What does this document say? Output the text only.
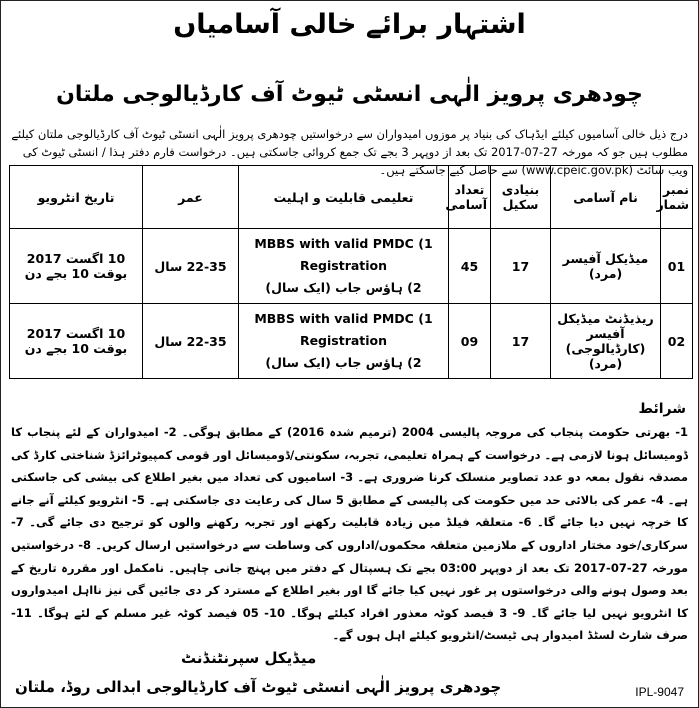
اشتہار برائے خالی آسامیاں
چودھری پرویز الٰہی انسٹی ٹیوٹ آف کارڈیالوجی ملتان
درج ذیل خالی آسامیوں کیلئے ایڈہاک کی بنیاد پر موزوں امیدواران سے درخواستیں چودھری پرویز الٰہی انسٹی ٹیوٹ آف کارڈیالوجی ملتان کیلئے مطلوب ہیں جو کہ مورخہ 27-07-2017 تک بعد از دوپہر 3 بجے تک جمع کروائی جاسکتی ہیں۔ درخواست فارم دفتر ہذا / انسٹی ٹیوٹ کی ویب سائٹ (www.cpeic.gov.pk) سے حاصل کیے جاسکتے ہیں۔
نمبر شمار	نام آسامی	بنیادی سکیل	تعداد آسامی	تعلیمی قابلیت و اہلیت	عمر	تاریخ انٹرویو
01	میڈیکل آفیسر (مرد)	17	45	1) MBBS with valid PMDC Registration
2) ہاؤس جاب (ایک سال)	22-35 سال	10 اگست 2017 بوقت 10 بجے دن
02	ریذیڈنٹ میڈیکل آفیسر (کارڈیالوجی) (مرد)	17	09	1) MBBS with valid PMDC Registration
2) ہاؤس جاب (ایک سال)	22-35 سال	10 اگست 2017 بوقت 10 بجے دن
شرائط
1- بھرتی حکومت پنجاب کی مروجہ پالیسی 2004 (ترمیم شدہ 2016) کے مطابق ہوگی۔ 2- امیدواران کے لئے پنجاب کا ڈومیسائل ہونا لازمی ہے۔ درخواست کے ہمراہ تعلیمی، تجربہ، سکونتی/ڈومیسائل اور قومی کمپیوٹرائزڈ شناختی کارڈ کی مصدقہ نقول بمعہ دو عدد تصاویر منسلک کرنا ضروری ہے۔ 3- اسامیوں کی تعداد میں بغیر اطلاع کی بیشی کی جاسکتی ہے۔ 4- عمر کی بالائی حد میں حکومت کی پالیسی کے مطابق 5 سال کی رعایت دی جاسکتی ہے۔ 5- انٹرویو کیلئے آنے جانے کا خرچہ نہیں دیا جائے گا۔ 6- متعلقہ فیلڈ میں زیادہ قابلیت رکھنے اور تجربہ رکھنے والوں کو ترجیح دی جائے گی۔ 7- سرکاری/خود مختار اداروں کے ملازمین متعلقہ محکموں/اداروں کی وساطت سے درخواستیں ارسال کریں۔ 8- درخواستیں مورخہ 27-07-2017 تک بعد از دوپہر 03:00 بجے تک ہسپتال کے دفتر میں پہنچ جانی چاہیں۔ نامکمل اور مقررہ تاریخ کے بعد وصول ہونے والی درخواستوں پر غور نہیں کیا جائے گا اور بغیر اطلاع کے مسترد کر دی جائیں گی نیز نااہل امیدواروں کا انٹرویو نہیں لیا جائے گا۔ 9- 3 فیصد کوٹہ معذور افراد کیلئے ہوگا۔ 10- 05 فیصد کوٹہ غیر مسلم کے لئے ہوگا۔ 11- صرف شارٹ لسٹڈ امیدوار ہی ٹیسٹ/انٹرویو کیلئے اہل ہوں گے۔
میڈیکل سپرنٹنڈنٹ
چودھری پرویز الٰہی انسٹی ٹیوٹ آف کارڈیالوجی ابدالی روڈ، ملتان	IPL-9047
